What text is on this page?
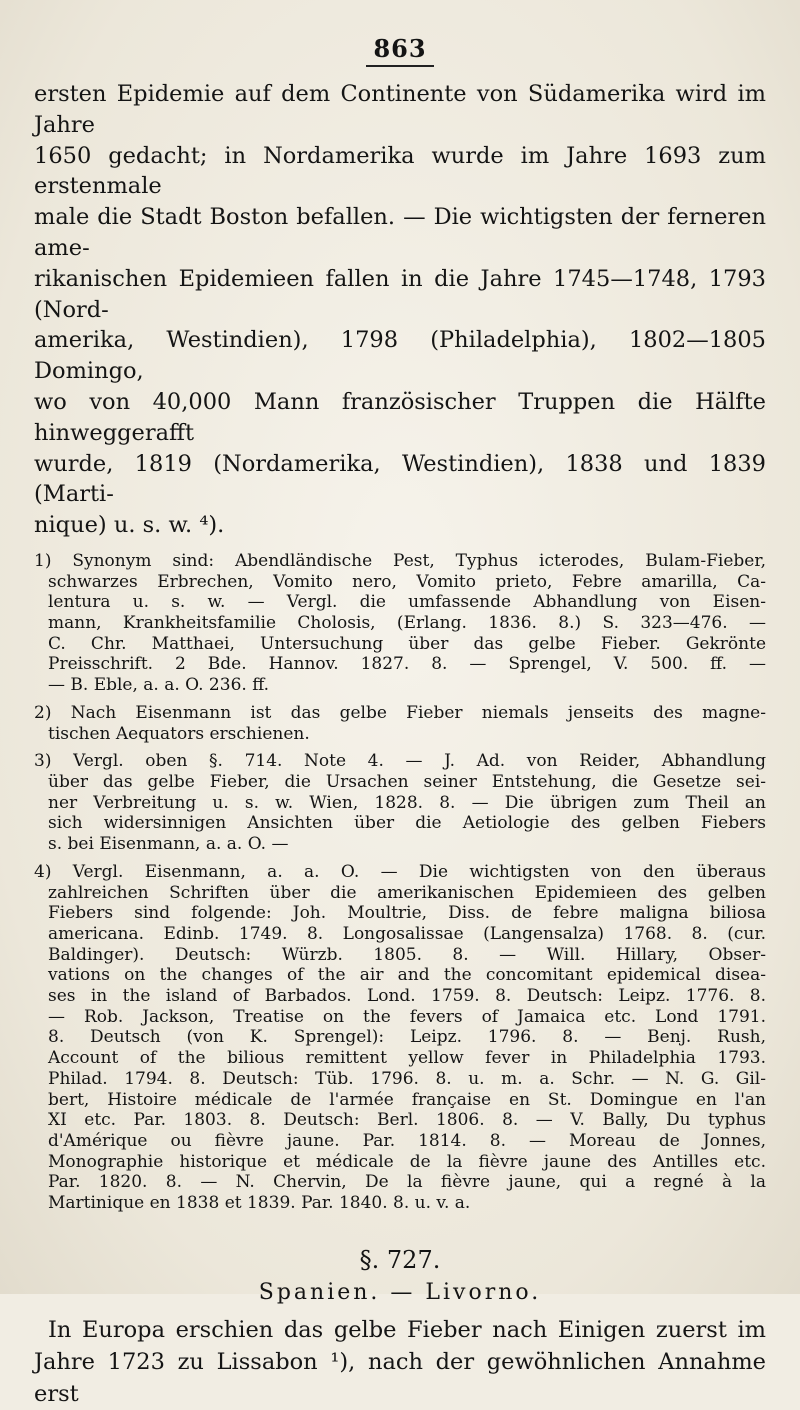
863

ersten Epidemie auf dem Continente von Südamerika wird im Jahre

1650 gedacht; in Nordamerika wurde im Jahre 1693 zum erstenmale

male die Stadt Boston befallen. — Die wichtigsten der ferneren ame-

rikanischen Epidemieen fallen in die Jahre 1745—1748, 1793 (Nord-

amerika, Westindien), 1798 (Philadelphia), 1802—1805 Domingo,

wo von 40,000 Mann französischer Truppen die Hälfte hinweggerafft

wurde, 1819 (Nordamerika, Westindien), 1838 und 1839 (Marti-

nique) u. s. w. ⁴).

1) Synonym sind: Abendländische Pest, Typhus icterodes, Bulam-Fieber,
schwarzes Erbrechen, Vomito nero, Vomito prieto, Febre amarilla, Ca-
lentura u. s. w. — Vergl. die umfassende Abhandlung von Eisen-
mann, Krankheitsfamilie Cholosis, (Erlang. 1836. 8.) S. 323—476. —
C. Chr. Matthaei, Untersuchung über das gelbe Fieber. Gekrönte
Preisschrift. 2 Bde. Hannov. 1827. 8. — Sprengel, V. 500. ff. —
— B. Eble, a. a. O. 236. ff.
2) Nach Eisenmann ist das gelbe Fieber niemals jenseits des magne-
tischen Aequators erschienen.
3) Vergl. oben §. 714. Note 4. — J. Ad. von Reider, Abhandlung
über das gelbe Fieber, die Ursachen seiner Entstehung, die Gesetze sei-
ner Verbreitung u. s. w. Wien, 1828. 8. — Die übrigen zum Theil an
sich widersinnigen Ansichten über die Aetiologie des gelben Fiebers
s. bei Eisenmann, a. a. O. —
4) Vergl. Eisenmann, a. a. O. — Die wichtigsten von den überaus
zahlreichen Schriften über die amerikanischen Epidemieen des gelben
Fiebers sind folgende: Joh. Moultrie, Diss. de febre maligna biliosa
americana. Edinb. 1749. 8. Longosalissae (Langensalza) 1768. 8. (cur.
Baldinger). Deutsch: Würzb. 1805. 8. — Will. Hillary, Obser-
vations on the changes of the air and the concomitant epidemical disea-
ses in the island of Barbados. Lond. 1759. 8. Deutsch: Leipz. 1776. 8.
— Rob. Jackson, Treatise on the fevers of Jamaica etc. Lond 1791.
8. Deutsch (von K. Sprengel): Leipz. 1796. 8. — Benj. Rush,
Account of the bilious remittent yellow fever in Philadelphia 1793.
Philad. 1794. 8. Deutsch: Tüb. 1796. 8. u. m. a. Schr. — N. G. Gil-
bert, Histoire médicale de l'armée française en St. Domingue en l'an
XI etc. Par. 1803. 8. Deutsch: Berl. 1806. 8. — V. Bally, Du typhus
d'Amérique ou fièvre jaune. Par. 1814. 8. — Moreau de Jonnes,
Monographie historique et médicale de la fièvre jaune des Antilles etc.
Par. 1820. 8. — N. Chervin, De la fièvre jaune, qui a regné à la
Martinique en 1838 et 1839. Par. 1840. 8. u. v. a.
§. 727.
Spanien. — Livorno.

In Europa erschien das gelbe Fieber nach Einigen zuerst im

Jahre 1723 zu Lissabon ¹), nach der gewöhnlichen Annahme erst
